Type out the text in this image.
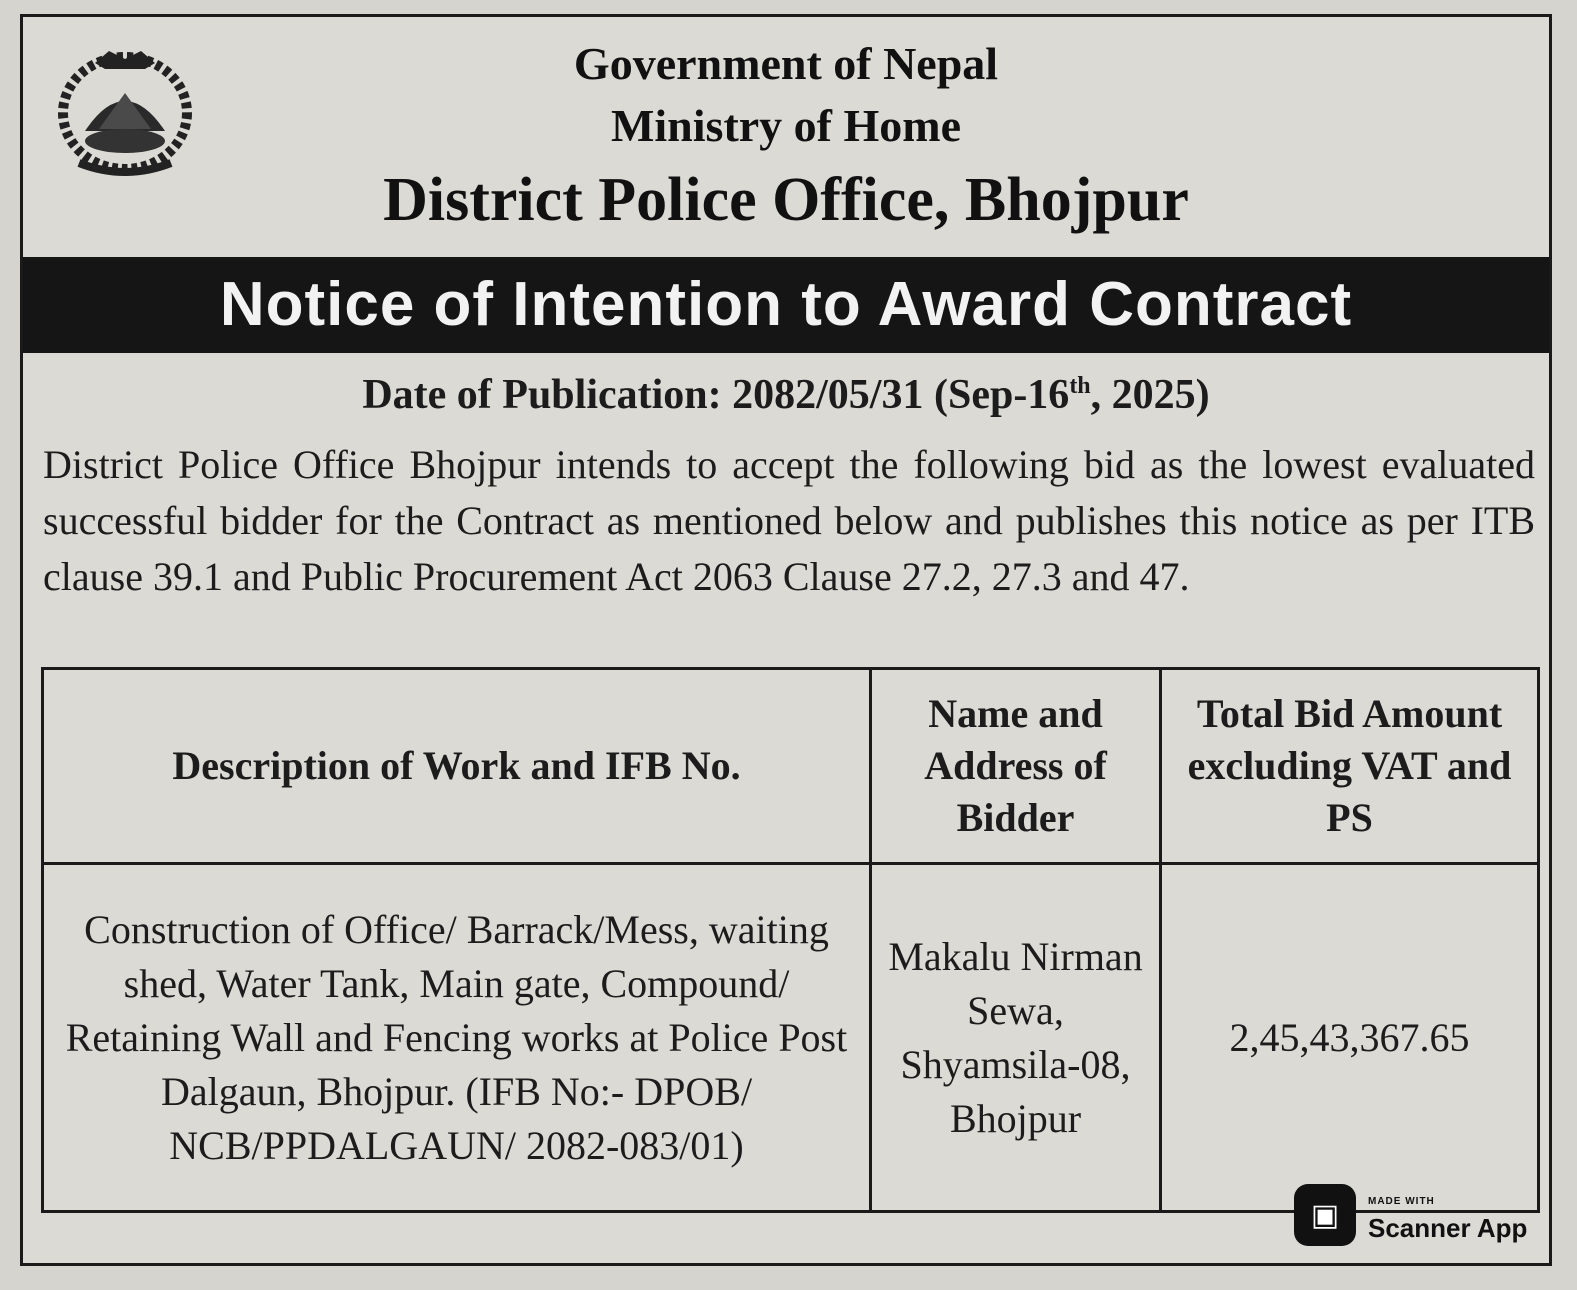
Government of Nepal
Ministry of Home
District Police Office, Bhojpur
Notice of Intention to Award Contract
Date of Publication: 2082/05/31 (Sep-16th, 2025)
District Police Office Bhojpur intends to accept the following bid as the lowest evaluated successful bidder for the Contract as mentioned below and publishes this notice as per ITB clause 39.1 and Public Procurement Act 2063 Clause 27.2, 27.3 and 47.
Description of Work and IFB No.	Name and Address of Bidder	Total Bid Amount excluding VAT and PS
Construction of Office/ Barrack/Mess, waiting shed, Water Tank, Main gate, Compound/ Retaining Wall and Fencing works at Police Post Dalgaun, Bhojpur. (IFB No:- DPOB/ NCB/PPDALGAUN/ 2082-083/01)	Makalu Nirman Sewa, Shyamsila-08, Bhojpur	2,45,43,367.65
▣	MADE WITH
Scanner App
